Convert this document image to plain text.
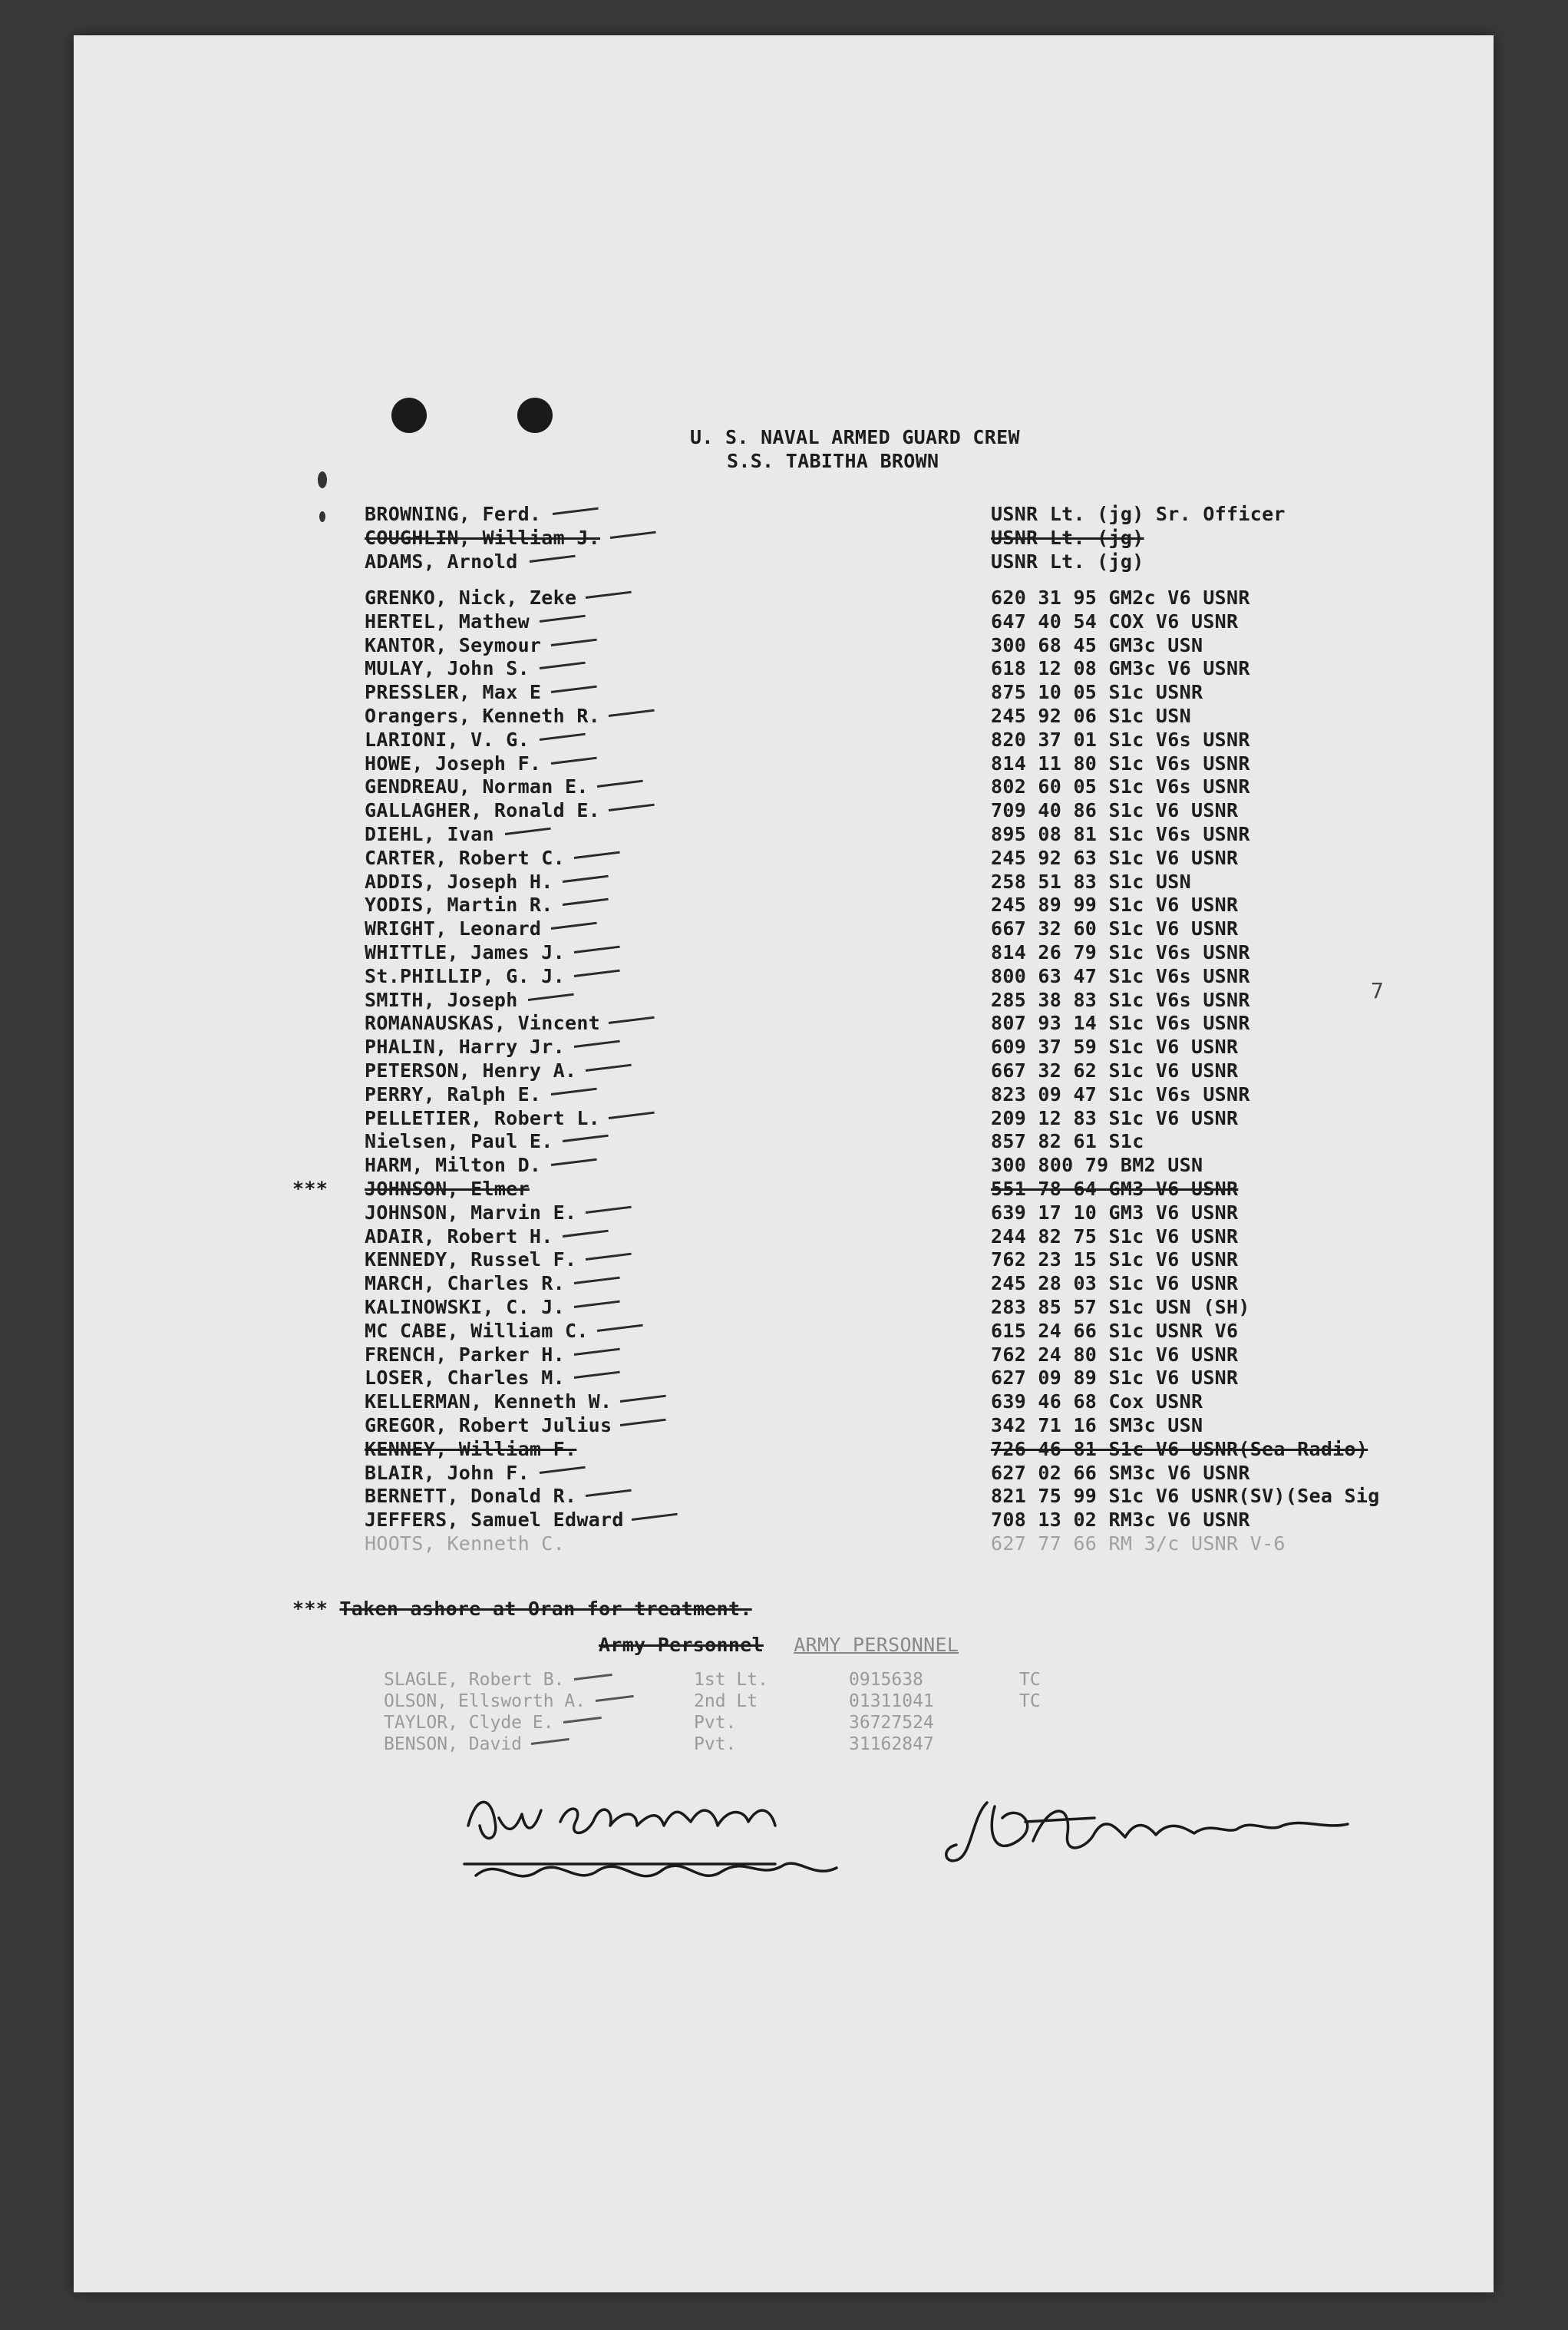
U. S. NAVAL ARMED GUARD CREW
S.S. TABITHA BROWN
BROWNING, Ferd.	USNR Lt. (jg) Sr. Officer
COUGHLIN, William J.	USNR Lt. (jg)
ADAMS, Arnold	USNR Lt. (jg)
GRENKO, Nick, Zeke	620 31 95 GM2c V6 USNR
HERTEL, Mathew	647 40 54 COX V6 USNR
KANTOR, Seymour	300 68 45 GM3c USN
MULAY, John S.	618 12 08 GM3c V6 USNR
PRESSLER, Max E	875 10 05 S1c USNR
Orangers, Kenneth R.	245 92 06 S1c USN
LARIONI, V. G.	820 37 01 S1c V6s USNR
HOWE, Joseph F.	814 11 80 S1c V6s USNR
GENDREAU, Norman E.	802 60 05 S1c V6s USNR
GALLAGHER, Ronald E.	709 40 86 S1c V6 USNR
DIEHL, Ivan	895 08 81 S1c V6s USNR
CARTER, Robert C.	245 92 63 S1c V6 USNR
ADDIS, Joseph H.	258 51 83 S1c USN
YODIS, Martin R.	245 89 99 S1c V6 USNR
WRIGHT, Leonard	667 32 60 S1c V6 USNR
WHITTLE, James J.	814 26 79 S1c V6s USNR
St.PHILLIP, G. J.	800 63 47 S1c V6s USNR
SMITH, Joseph	285 38 83 S1c V6s USNR
ROMANAUSKAS, Vincent	807 93 14 S1c V6s USNR
PHALIN, Harry Jr.	609 37 59 S1c V6 USNR
PETERSON, Henry A.	667 32 62 S1c V6 USNR
PERRY, Ralph E.	823 09 47 S1c V6s USNR
PELLETIER, Robert L.	209 12 83 S1c V6 USNR
Nielsen, Paul E.	857 82 61 S1c
HARM, Milton D.	300 800 79 BM2 USN
*** JOHNSON, Elmer	551 78 64 GM3 V6 USNR
JOHNSON, Marvin E.	639 17 10 GM3 V6 USNR
ADAIR, Robert H.	244 82 75 S1c V6 USNR
KENNEDY, Russel F.	762 23 15 S1c V6 USNR
MARCH, Charles R.	245 28 03 S1c V6 USNR
KALINOWSKI, C. J.	283 85 57 S1c USN (SH)
MC CABE, William C.	615 24 66 S1c USNR V6
FRENCH, Parker H.	762 24 80 S1c V6 USNR
LOSER, Charles M.	627 09 89 S1c V6 USNR
KELLERMAN, Kenneth W.	639 46 68 Cox USNR
GREGOR, Robert Julius	342 71 16 SM3c USN
KENNEY, William F.	726 46 81 S1c V6 USNR(Sea Radio)
BLAIR, John F.	627 02 66 SM3c V6 USNR
BERNETT, Donald R.	821 75 99 S1c V6 USNR(SV)(Sea Sig
JEFFERS, Samuel Edward	708 13 02 RM3c V6 USNR
HOOTS, Kenneth C.	627 77 66 RM 3/c USNR V-6
*** Taken ashore at Oran for treatment.
Army Personnel ARMY PERSONNEL
SLAGLE, Robert B.	1st Lt.	0915638	TC
OLSON, Ellsworth A.	2nd Lt	01311041	TC
TAYLOR, Clyde E.	Pvt.	36727524
BENSON, David	Pvt.	31162847
7
